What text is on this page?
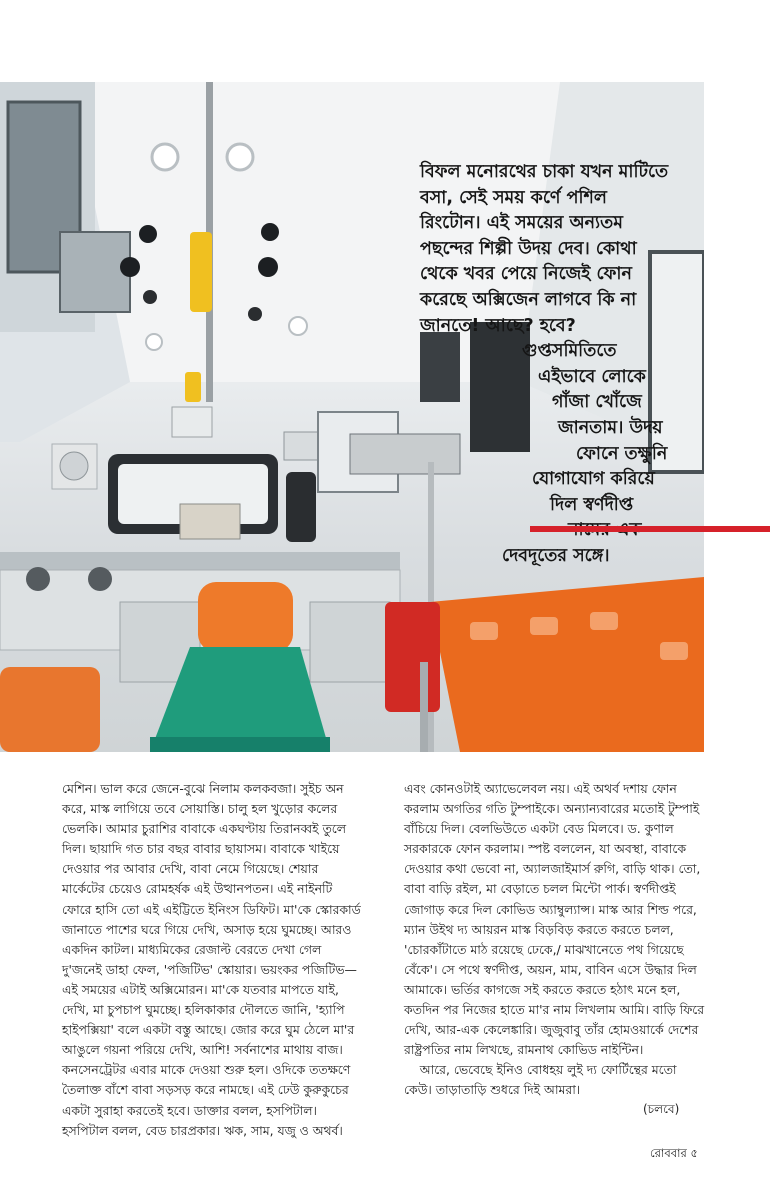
বিফল মনোরথের চাকা যখন মাটিতে
বসা, সেই সময় কর্ণে পশিল
রিংটোন। এই সময়ের অন্যতম
পছন্দের শিল্পী উদয় দেব। কোথা
থেকে খবর পেয়ে নিজেই ফোন
করেছে অক্সিজেন লাগবে কি না
জানতে! আছে? হবে?
গুপ্তসমিতিতে
এইভাবে লোকে
গাঁজা খোঁজে
জানতাম। উদয়
ফোনে তক্ষুনি
যোগাযোগ করিয়ে
দিল স্বর্ণদীপ্ত
দেবদূতের সঙ্গে।
মেশিন। ভাল করে জেনে-বুঝে নিলাম কলকবজা। সুইচ অন
করে, মাস্ক লাগিয়ে তবে সোয়াস্তি। চালু হল খুড়োর কলের
ভেলকি। আমার চুরাশির বাবাকে একঘণ্টায় তিরানব্বই তুলে
দিল। ছায়াদি গত চার বছর বাবার ছায়াসম। বাবাকে খাইয়ে
দেওয়ার পর আবার দেখি, বাবা নেমে গিয়েছে। শেয়ার
মার্কেটের চেয়েও রোমহর্ষক এই উত্থানপতন। এই নাইনটি
ফোরে হাসি তো এই এইট্টিতে ইনিংস ডিফিট। মা'কে স্কোরকার্ড
জানাতে পাশের ঘরে গিয়ে দেখি, অসাড় হয়ে ঘুমচ্ছে। আরও
একদিন কাটল। মাধ্যমিকের রেজাল্ট বেরতে দেখা গেল
দু'জনেই ডাহা ফেল, 'পজিটিভ' স্কোয়ার। ভয়ংকর পজিটিভ—
এই সময়ের এটাই অক্সিমোরন। মা'কে যতবার মাপতে যাই,
দেখি, মা চুপচাপ ঘুমচ্ছে। হলিকাকার দৌলতে জানি, 'হ্যাপি
হাইপক্সিয়া' বলে একটা বস্তু আছে। জোর করে ঘুম ঠেলে মা'র
আঙুলে গয়না পরিয়ে দেখি, আশি! সর্বনাশের মাথায় বাজ।
কনসেনট্রেটর এবার মাকে দেওয়া শুরু হল। ওদিকে ততক্ষণে
তৈলাক্ত বাঁশে বাবা সড়সড় করে নামছে। এই ঢেউ কুরুকুচের
একটা সুরাহা করতেই হবে। ডাক্তার বলল, হসপিটাল।
হসপিটাল বলল, বেড চারপ্রকার। ঋক, সাম, যজু ও অথর্ব।
এবং কোনওটাই অ্যাভেলেবল নয়। এই অথর্ব দশায় ফোন
করলাম অগতির গতি টুম্পাইকে। অন্যান্যবারের মতোই টুম্পাই
বাঁচিয়ে দিল। বেলভিউতে একটা বেড মিলবে। ড. কুণাল
সরকারকে ফোন করলাম। স্পষ্ট বললেন, যা অবস্থা, বাবাকে
দেওয়ার কথা ভেবো না, অ্যালজাইমার্স রুগি, বাড়ি থাক। তো,
বাবা বাড়ি রইল, মা বেড়াতে চলল মিন্টো পার্ক। স্বর্ণদীপ্তই
জোগাড় করে দিল কোভিড অ্যাম্বুল্যান্স। মাস্ক আর শিল্ড পরে,
ম্যান উইথ দ্য আয়রন মাস্ক বিড়বিড় করতে করতে চলল,
'চোরকাঁটাতে মাঠ রয়েছে ঢেকে,/ মাঝখানেতে পথ গিয়েছে
বেঁকে'। সে পথে স্বর্ণদীপ্ত, অয়ন, মাম, বাবিন এসে উদ্ধার দিল
আমাকে। ভর্তির কাগজে সই করতে করতে হঠাৎ মনে হল,
কতদিন পর নিজের হাতে মা'র নাম লিখলাম আমি। বাড়ি ফিরে
দেখি, আর-এক কেলেঙ্কারি। জুজুবাবু তাঁর হোমওয়ার্কে দেশের
রাষ্ট্রপতির নাম লিখছে, রামনাথ কোভিড নাইন্টিন।
আরে, ভেবেছে ইনিও বোধহয় লুই দ্য ফোর্টিন্থের মতো
কেউ। তাড়াতাড়ি শুধরে দিই আমরা।
(চলবে)
রোববার ৫
